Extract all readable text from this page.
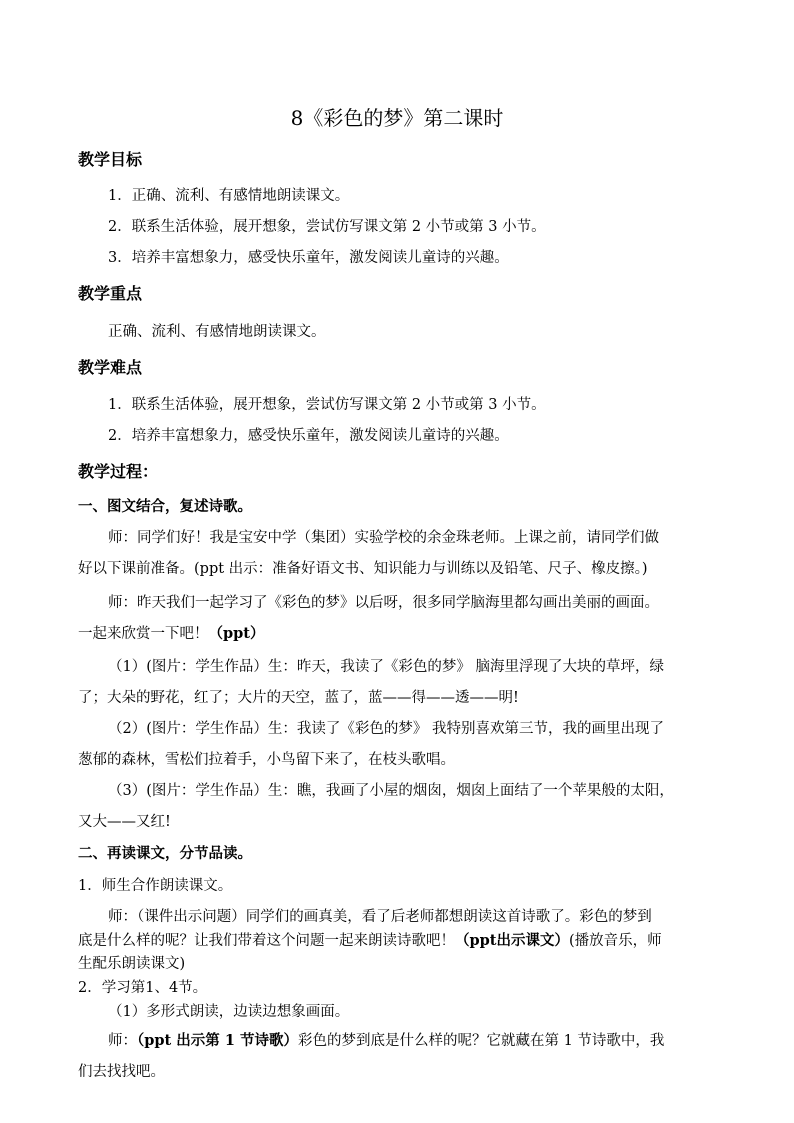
8《彩色的梦》第二课时
教学目标
1．正确、流利、有感情地朗读课文。
2．联系生活体验，展开想象，尝试仿写课文第 2 小节或第 3 小节。
3．培养丰富想象力，感受快乐童年，激发阅读儿童诗的兴趣。
教学重点
正确、流利、有感情地朗读课文。
教学难点
1．联系生活体验，展开想象，尝试仿写课文第 2 小节或第 3 小节。
2．培养丰富想象力，感受快乐童年，激发阅读儿童诗的兴趣。
教学过程：
一、图文结合，复述诗歌。
师：同学们好！我是宝安中学（集团）实验学校的余金珠老师。上课之前，请同学们做
好以下课前准备。(ppt 出示：准备好语文书、知识能力与训练以及铅笔、尺子、橡皮擦。)
师：昨天我们一起学习了《彩色的梦》以后呀，很多同学脑海里都勾画出美丽的画面。
一起来欣赏一下吧！（ppt）
（1）(图片：学生作品）生：昨天，我读了《彩色的梦》 脑海里浮现了大块的草坪，绿
了；大朵的野花，红了；大片的天空，蓝了，蓝——得——透——明!
（2）(图片：学生作品）生：我读了《彩色的梦》 我特别喜欢第三节，我的画里出现了
葱郁的森林，雪松们拉着手，小鸟留下来了，在枝头歌唱。
（3）(图片：学生作品）生：瞧，我画了小屋的烟囱，烟囱上面结了一个苹果般的太阳，
又大——又红!
二、再读课文，分节品读。
1．师生合作朗读课文。
师：（课件出示问题）同学们的画真美，看了后老师都想朗读这首诗歌了。彩色的梦到
底是什么样的呢？让我们带着这个问题一起来朗读诗歌吧！（ppt出示课文）(播放音乐，师
生配乐朗读课文)
2．学习第1、4节。
（1）多形式朗读，边读边想象画面。
师：（ppt 出示第 1 节诗歌）彩色的梦到底是什么样的呢？它就藏在第 1 节诗歌中，我
们去找找吧。
